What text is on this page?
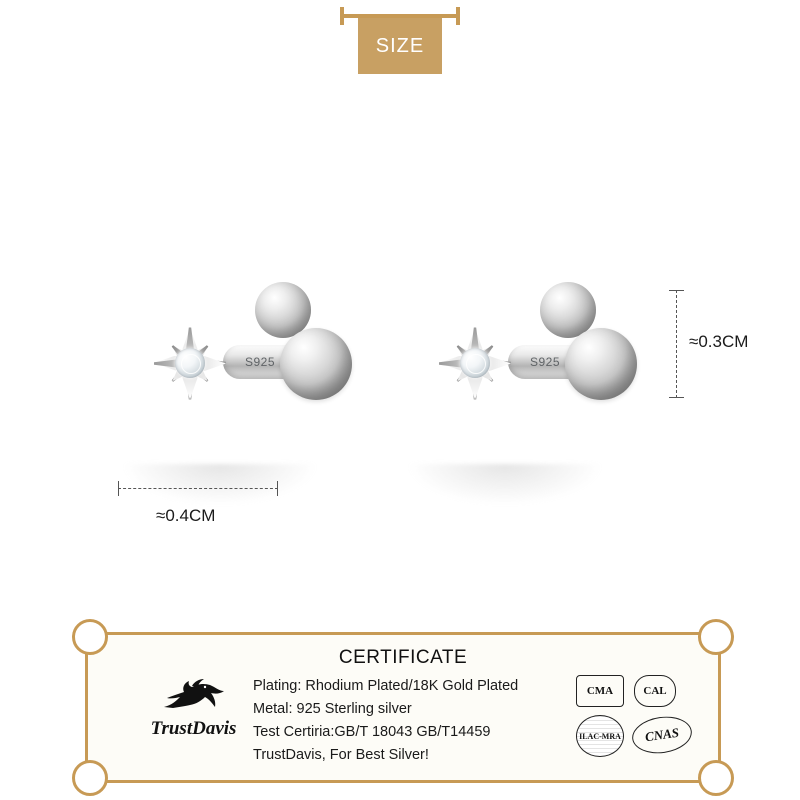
SIZE
S925	S925
≈0.4CM
≈0.3CM
CERTIFICATE
TrustDavis
Plating: Rhodium Plated/18K Gold Plated
Metal: 925 Sterling silver
Test Certiria:GB/T 18043 GB/T14459
TrustDavis, For Best Silver!
CMA	CAL
ILAC-MRA	CNAS
